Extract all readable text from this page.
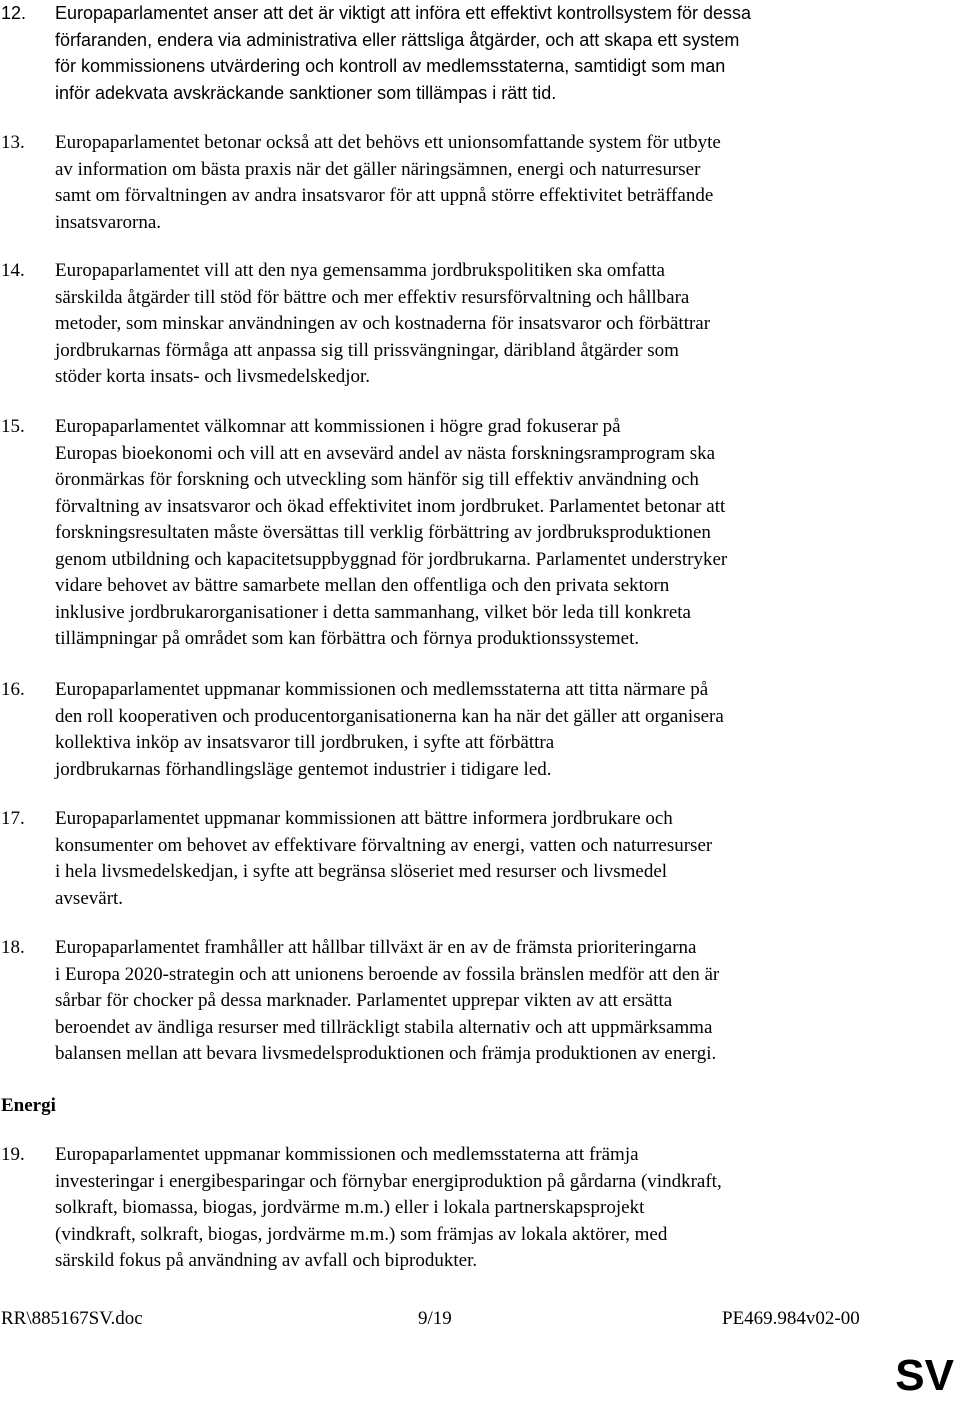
12. Europaparlamentet anser att det är viktigt att införa ett effektivt kontrollsystem för dessa
förfaranden, endera via administrativa eller rättsliga åtgärder, och att skapa ett system
för kommissionens utvärdering och kontroll av medlemsstaterna, samtidigt som man
inför adekvata avskräckande sanktioner som tillämpas i rätt tid.
13. Europaparlamentet betonar också att det behövs ett unionsomfattande system för utbyte
av information om bästa praxis när det gäller näringsämnen, energi och naturresurser
samt om förvaltningen av andra insatsvaror för att uppnå större effektivitet beträffande
insatsvarorna.
14. Europaparlamentet vill att den nya gemensamma jordbrukspolitiken ska omfatta
särskilda åtgärder till stöd för bättre och mer effektiv resursförvaltning och hållbara
metoder, som minskar användningen av och kostnaderna för insatsvaror och förbättrar
jordbrukarnas förmåga att anpassa sig till prissvängningar, däribland åtgärder som
stöder korta insats- och livsmedelskedjor.
15. Europaparlamentet välkomnar att kommissionen i högre grad fokuserar på
Europas bioekonomi och vill att en avsevärd andel av nästa forskningsramprogram ska
öronmärkas för forskning och utveckling som hänför sig till effektiv användning och
förvaltning av insatsvaror och ökad effektivitet inom jordbruket. Parlamentet betonar att
forskningsresultaten måste översättas till verklig förbättring av jordbruksproduktionen
genom utbildning och kapacitetsuppbyggnad för jordbrukarna. Parlamentet understryker
vidare behovet av bättre samarbete mellan den offentliga och den privata sektorn
inklusive jordbrukarorganisationer i detta sammanhang, vilket bör leda till konkreta
tillämpningar på området som kan förbättra och förnya produktionssystemet.
16. Europaparlamentet uppmanar kommissionen och medlemsstaterna att titta närmare på
den roll kooperativen och producentorganisationerna kan ha när det gäller att organisera
kollektiva inköp av insatsvaror till jordbruken, i syfte att förbättra
jordbrukarnas förhandlingsläge gentemot industrier i tidigare led.
17. Europaparlamentet uppmanar kommissionen att bättre informera jordbrukare och
konsumenter om behovet av effektivare förvaltning av energi, vatten och naturresurser
i hela livsmedelskedjan, i syfte att begränsa slöseriet med resurser och livsmedel
avsevärt.
18. Europaparlamentet framhåller att hållbar tillväxt är en av de främsta prioriteringarna
i Europa 2020-strategin och att unionens beroende av fossila bränslen medför att den är
sårbar för chocker på dessa marknader. Parlamentet upprepar vikten av att ersätta
beroendet av ändliga resurser med tillräckligt stabila alternativ och att uppmärksamma
balansen mellan att bevara livsmedelsproduktionen och främja produktionen av energi.
Energi
19. Europaparlamentet uppmanar kommissionen och medlemsstaterna att främja
investeringar i energibesparingar och förnybar energiproduktion på gårdarna (vindkraft,
solkraft, biomassa, biogas, jordvärme m.m.) eller i lokala partnerskapsprojekt
(vindkraft, solkraft, biogas, jordvärme m.m.) som främjas av lokala aktörer, med
särskild fokus på användning av avfall och biprodukter.
RR\885167SV.doc	9/19	PE469.984v02-00
SV
